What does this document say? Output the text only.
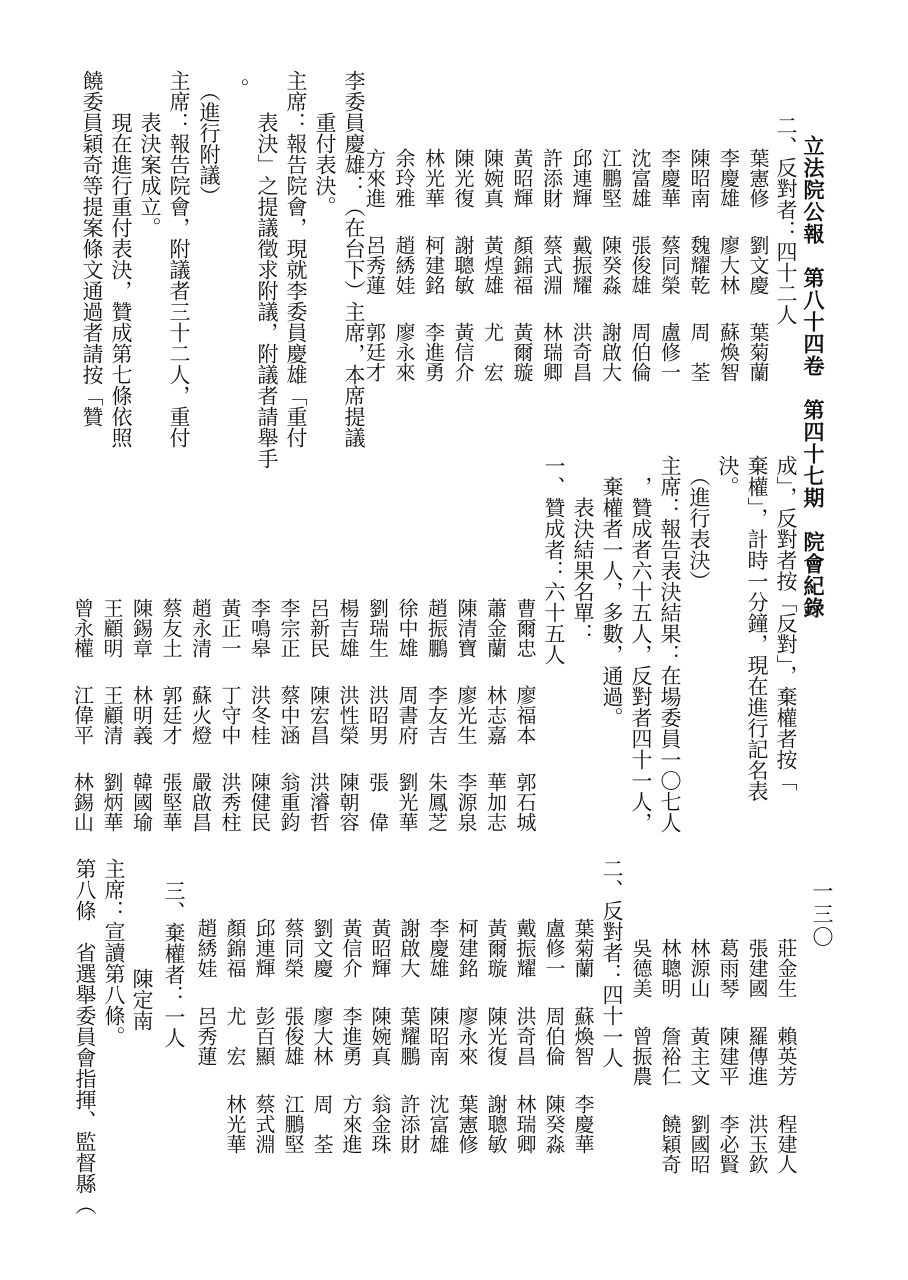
立法院公報　第八十四卷　第四十七期　院會紀錄
一三〇
二、反對者：四十二人
葉憲修
劉文慶
葉菊蘭
李慶雄
廖大林
蘇煥智
陳昭南
魏耀乾
周　荃
李慶華
蔡同榮
盧修一
沈富雄
張俊雄
周伯倫
江鵬堅
陳癸淼
謝啟大
邱連輝
戴振耀
洪奇昌
許添財
蔡式淵
林瑞卿
黃昭輝
顏錦福
黃爾璇
陳婉真
黃煌雄
尤　宏
陳光復
謝聰敏
黃信介
林光華
柯建銘
李進勇
余玲雅
趙綉娃
廖永來
方來進
呂秀蓮
郭廷才
李委員慶雄：（在台下）主席，本席提議
　　重付表決。
主席：報告院會，現就李委員慶雄「重付
　　表決」之提議徵求附議，附議者請舉手
。
　（進行附議）
主席：報告院會，附議者三十二人，重付
　　表決案成立。
　　現在進行重付表決，贊成第七條依照
饒委員穎奇等提案條文通過者請按「贊
成」，反對者按「反對」，棄權者按「
棄權」，計時一分鐘，現在進行記名表
決。
　（進行表決）
主席：報告表決結果：在場委員一〇七人
　，贊成者六十五人，反對者四十一人，
　棄權者一人，多數，通過。
　　表決結果名單：
一、贊成者：六十五人
曹爾忠
廖福本
郭石城
蕭金蘭
林志嘉
華加志
陳清寶
廖光生
李源泉
趙振鵬
李友吉
朱鳳芝
徐中雄
周書府
劉光華
劉瑞生
洪昭男
張　偉
楊吉雄
洪性榮
陳朝容
呂新民
陳宏昌
洪濬哲
李宗正
蔡中涵
翁重鈞
李鳴皋
洪冬桂
陳健民
黃正一
丁守中
洪秀柱
趙永清
蘇火燈
嚴啟昌
蔡友土
郭廷才
張堅華
陳錫章
林明義
韓國瑜
王顧明
王顧清
劉炳華
曾永權
江偉平
林錫山
莊金生
賴英芳
程建人
張建國
羅傳進
洪玉欽
葛雨琴
陳建平
李必賢
林源山
黃主文
劉國昭
林聰明
詹裕仁
饒穎奇
吳德美
曾振農
二、反對者：四十一人
葉菊蘭
蘇煥智
李慶華
盧修一
周伯倫
陳癸淼
戴振耀
洪奇昌
林瑞卿
黃爾璇
陳光復
謝聰敏
柯建銘
廖永來
葉憲修
李慶雄
陳昭南
沈富雄
謝啟大
葉耀鵬
許添財
黃昭輝
陳婉真
翁金珠
黃信介
李進勇
方來進
劉文慶
廖大林
周　荃
蔡同榮
張俊雄
江鵬堅
邱連輝
彭百顯
蔡式淵
顏錦福
尤　宏
林光華
趙綉娃
呂秀蓮
三、棄權者：一人
陳定南
主席：宣讀第八條。
第八條　省選舉委員會指揮、監督縣（
